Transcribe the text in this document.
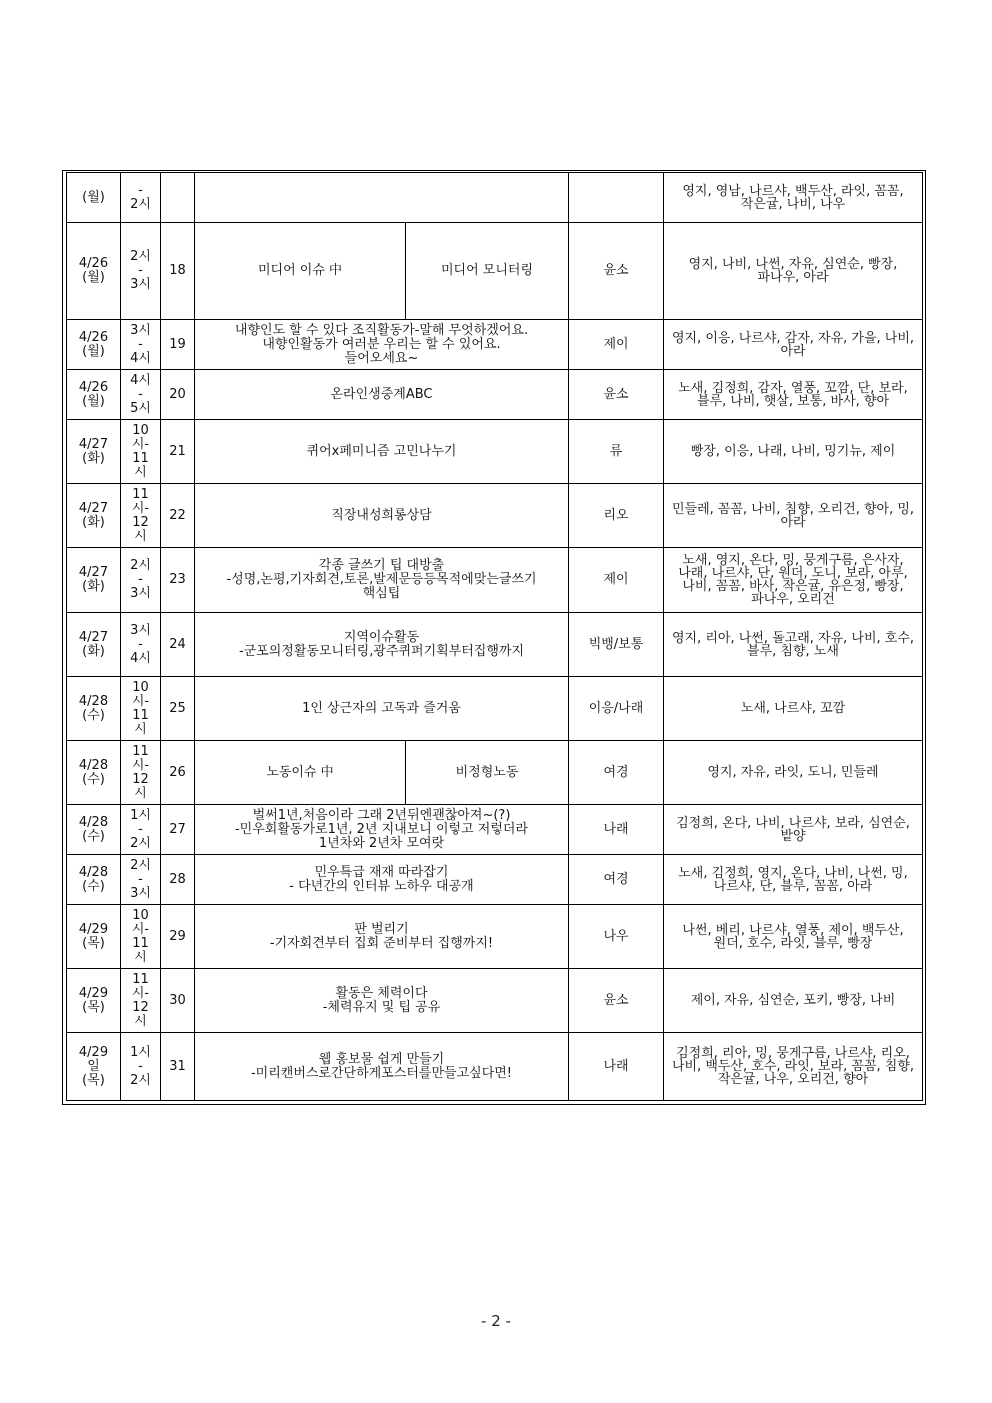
(월)	-
2시					영지, 영남, 나르샤, 백두산, 라잇, 꼼꼼, 작은귤, 나비, 나우

4/26
(월)	2시
-
3시	18	미디어 이슈 中	미디어 모니터링	윤소	영지, 나비, 나썬, 자유, 심연순, 빵장, 파나우, 아라

4/26
(월)	3시
-
4시	19	내향인도 할 수 있다 조직활동가-말해 무엇하겠어요.
내향인활동가 여러분 우리는 할 수 있어요.
들어오세요~		제이	영지, 이응, 나르샤, 감자, 자유, 가을, 나비, 아라

4/26
(월)	4시
-
5시	20	온라인생중계ABC		윤소	노새, 김정희, 감자, 열풍, 꼬깜, 단, 보라, 블루, 나비, 햇살, 보통, 바사, 향아

4/27
(화)	10
시-
11
시	21	퀴어x페미니즘 고민나누기		류	빵장, 이응, 나래, 나비, 밍기뉴, 제이

4/27
(화)	11
시-
12
시	22	직장내성희롱상담		리오	민들레, 꼼꼼, 나비, 침향, 오리건, 향아, 밍, 아라

4/27
(화)	2시
-
3시	23	각종 글쓰기 팁 대방출
-성명,논평,기자회견,토론,발제문등등목적에맞는글쓰기
핵심팁		제이	노새, 영지, 온다, 밍, 뭉게구름, 은사자, 나래, 나르샤, 단, 원더, 도니, 보라, 아루, 나비, 꼼꼼, 바사, 작은귤, 유은정, 빵장, 파나우, 오리건

4/27
(화)	3시
-
4시	24	지역이슈활동
-군포의정활동모니터링,광주퀴퍼기획부터집행까지		빅뱅/보통	영지, 리아, 나썬, 돌고래, 자유, 나비, 호수, 블루, 침향, 노새

4/28
(수)	10
시-
11
시	25	1인 상근자의 고독과 즐거움		이응/나래	노새, 나르샤, 꼬깜

4/28
(수)	11
시-
12
시	26	노동이슈 中	비정형노동	여경	영지, 자유, 라잇, 도니, 민들레

4/28
(수)	1시
-
2시	27	벌써1년,처음이라 그래 2년뒤엔괜찮아져~(?)
-민우회활동가로1년, 2년 지내보니 이렇고 저렇더라
1년차와 2년차 모여랏		나래	김정희, 온다, 나비, 나르샤, 보라, 심연순, 밭양

4/28
(수)	2시
-
3시	28	민우특급 재재 따라잡기
- 다년간의 인터뷰 노하우 대공개		여경	노새, 김정희, 영지, 온다, 나비, 나썬, 밍, 나르샤, 단, 블루, 꼼꼼, 아라

4/29
(목)	10
시-
11
시	29	판 벌리기
-기자회견부터 집회 준비부터 집행까지!		나우	나썬, 베리, 나르샤, 열풍, 제이, 백두산, 원더, 호수, 라잇, 블루, 빵장

4/29
(목)	11
시-
12
시	30	활동은 체력이다
-체력유지 및 팁 공유		윤소	제이, 자유, 심연순, 포키, 빵장, 나비

4/29
일
(목)	1시
-
2시	31	웹 홍보물 쉽게 만들기
-미리캔버스로간단하게포스터를만들고싶다면!		나래	김정희, 리아, 밍, 뭉게구름, 나르샤, 리오, 나비, 백두산, 호수, 라잇, 보라, 꼼꼼, 침향, 작은귤, 나우, 오리건, 향아
- 2 -
